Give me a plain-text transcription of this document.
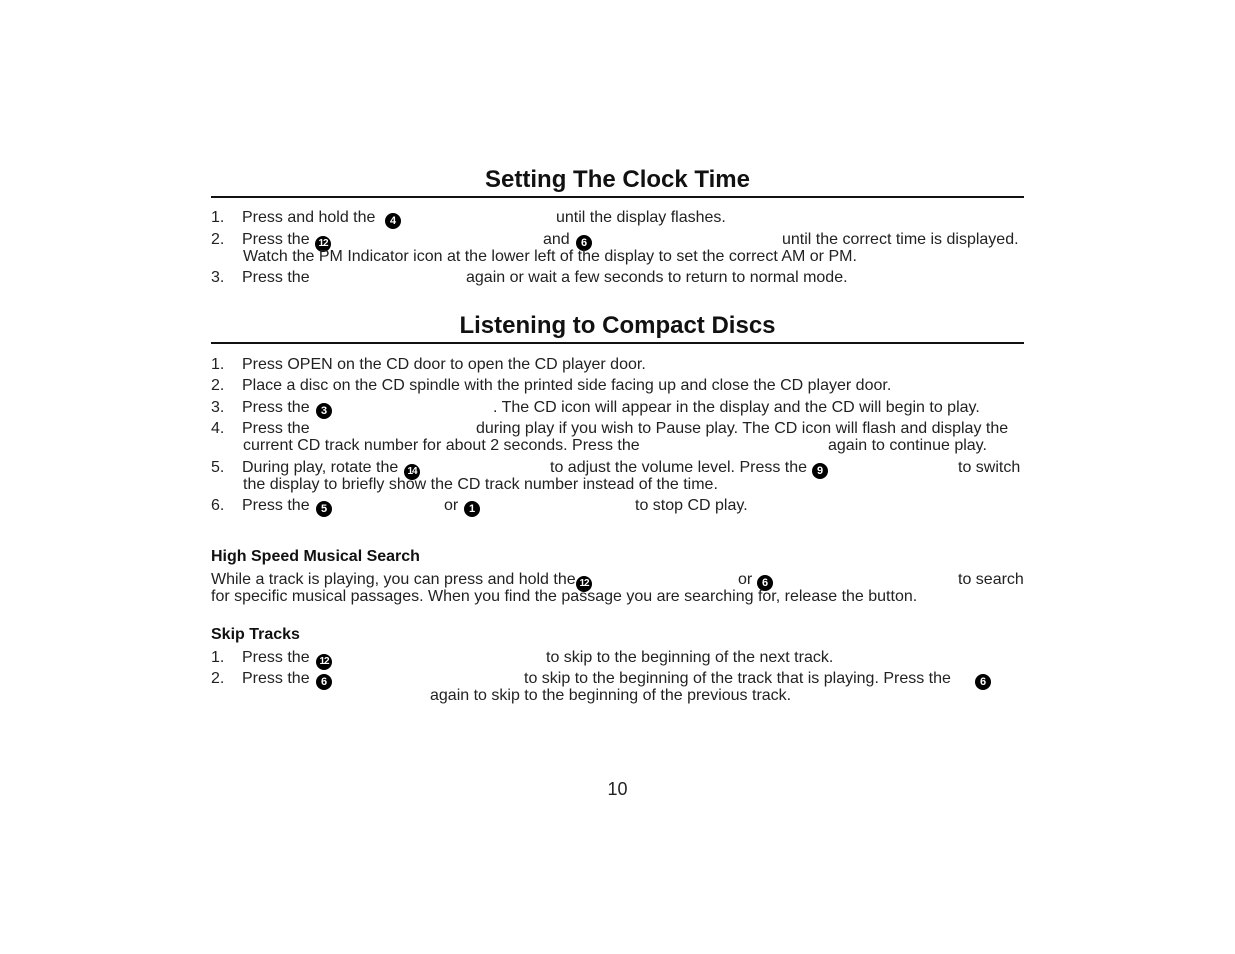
Setting The Clock Time
1. Press and hold the	4	until the display flashes.
2. Press the 12	and	6	until the correct time is displayed.
Watch the PM Indicator icon at the lower left of the display to set the correct AM or PM.
3. Press the	again or wait a few seconds to return to normal mode.
Listening to Compact Discs
1. Press OPEN on the CD door to open the CD player door.
2. Place a disc on the CD spindle with the printed side facing up and close the CD player door.
3. Press the	3	. The CD icon will appear in the display and the CD will begin to play.
4. Press the	during play if you wish to Pause play. The CD icon will flash and display the
current CD track number for about 2 seconds. Press the	again to continue play.
5. During play, rotate the 14	to adjust the volume level. Press the 9	to switch
the display to briefly show the CD track number instead of the time.
6. Press the	5	or 1	to stop CD play.
High Speed Musical Search
While a track is playing, you can press and hold the 12	or 6	to search
for specific musical passages. When you find the passage you are searching for, release the button.
Skip Tracks
1. Press the 12	to skip to the beginning of the next track.
2. Press the	6	to skip to the beginning of the track that is playing. Press the	6
again to skip to the beginning of the previous track.
10
